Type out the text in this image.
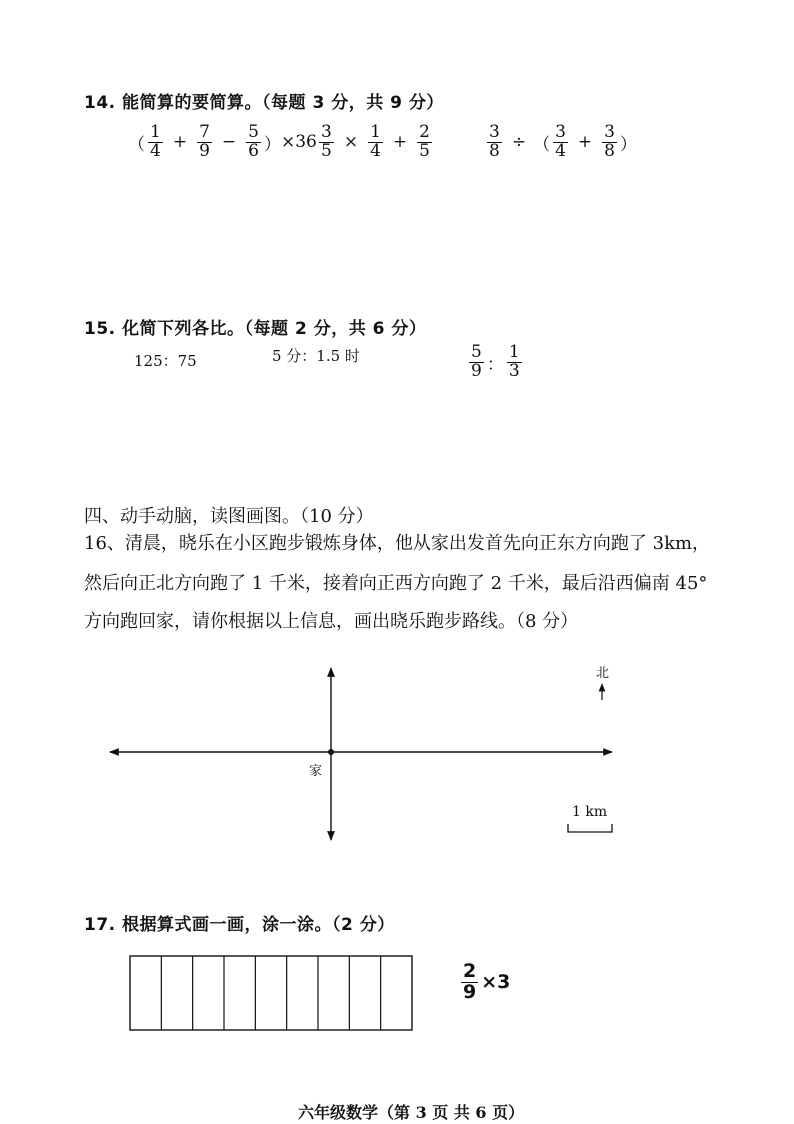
14. 能简算的要简算。（每题 3 分，共 9 分）
（ $\frac{1}{4} + \frac{7}{9} - \frac{5}{6}$ ） $\times 36 \frac{3}{5} \times \frac{1}{4} + \frac{2}{5}$	$\frac{3}{8}$ ÷ （ $\frac{3}{4} + \frac{3}{8}$ ）
15. 化简下列各比。（每题 2 分，共 6 分）
125：75	5 分：1.5 时	$\frac{5}{9}$ ： $\frac{1}{3}$
四、动手动脑，读图画图。（10 分）
16、清晨，晓乐在小区跑步锻炼身体，他从家出发首先向正东方向跑了 3km，
然后向正北方向跑了 1 千米，接着向正西方向跑了 2 千米，最后沿西偏南 45°
方向跑回家，请你根据以上信息，画出晓乐跑步路线。（8 分）
北
家
1 km
17. 根据算式画一画，涂一涂。（2 分）
$\frac{2}{9} \times 3$
六年级数学（第 3 页 共 6 页）
